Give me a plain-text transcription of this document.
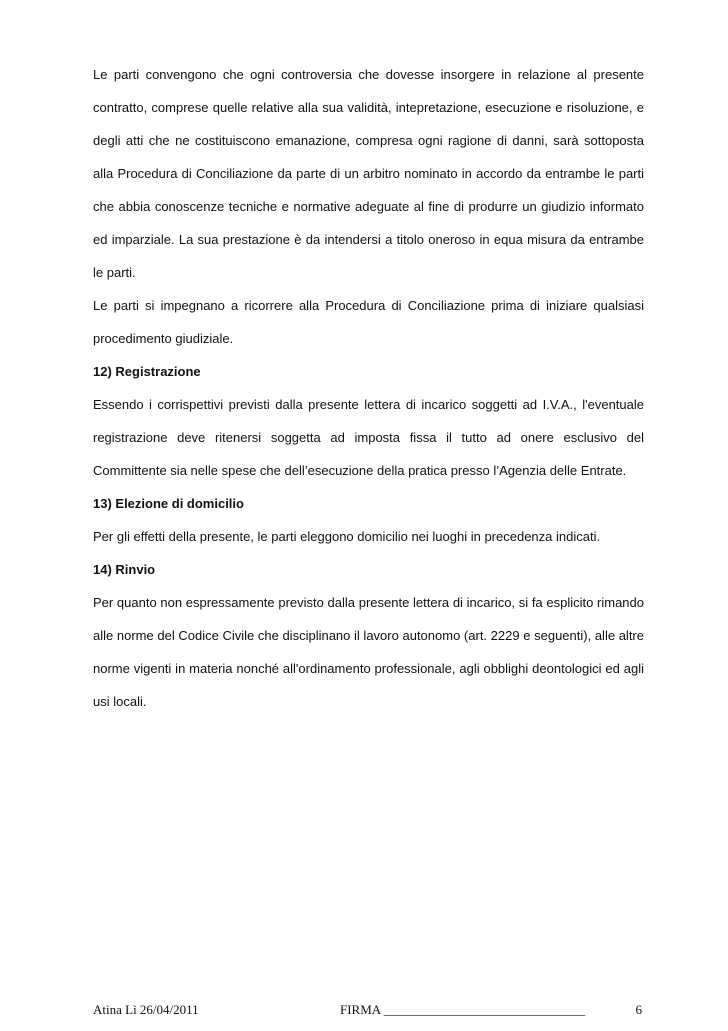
Le parti convengono che ogni controversia che dovesse insorgere in relazione al presente contratto, comprese quelle relative alla sua validità, intepretazione, esecuzione e risoluzione, e degli atti che ne costituiscono emanazione, compresa ogni ragione di danni, sarà sottoposta alla Procedura di Conciliazione da parte di un arbitro nominato in accordo da entrambe le parti che abbia conoscenze tecniche e normative adeguate al fine di produrre un giudizio informato ed imparziale. La sua prestazione è da intendersi a titolo oneroso in equa misura da entrambe le parti.

Le parti si impegnano a ricorrere alla Procedura di Conciliazione prima di iniziare qualsiasi procedimento giudiziale.

12) Registrazione

Essendo i corrispettivi previsti dalla presente lettera di incarico soggetti ad I.V.A., l'eventuale registrazione deve ritenersi soggetta ad imposta fissa il tutto ad onere esclusivo del Committente sia nelle spese che dell’esecuzione della pratica presso l’Agenzia delle Entrate.

13) Elezione di domicilio

Per gli effetti della presente, le parti eleggono domicilio nei luoghi in precedenza indicati.

14) Rinvio

Per quanto non espressamente previsto dalla presente lettera di incarico, si fa esplicito rimando alle norme del Codice Civile che disciplinano il lavoro autonomo (art. 2229 e seguenti), alle altre norme vigenti in materia nonché all'ordinamento professionale, agli obblighi deontologici ed agli usi locali.

Atina Lì 26/04/2011	FIRMA _______________________________	6
